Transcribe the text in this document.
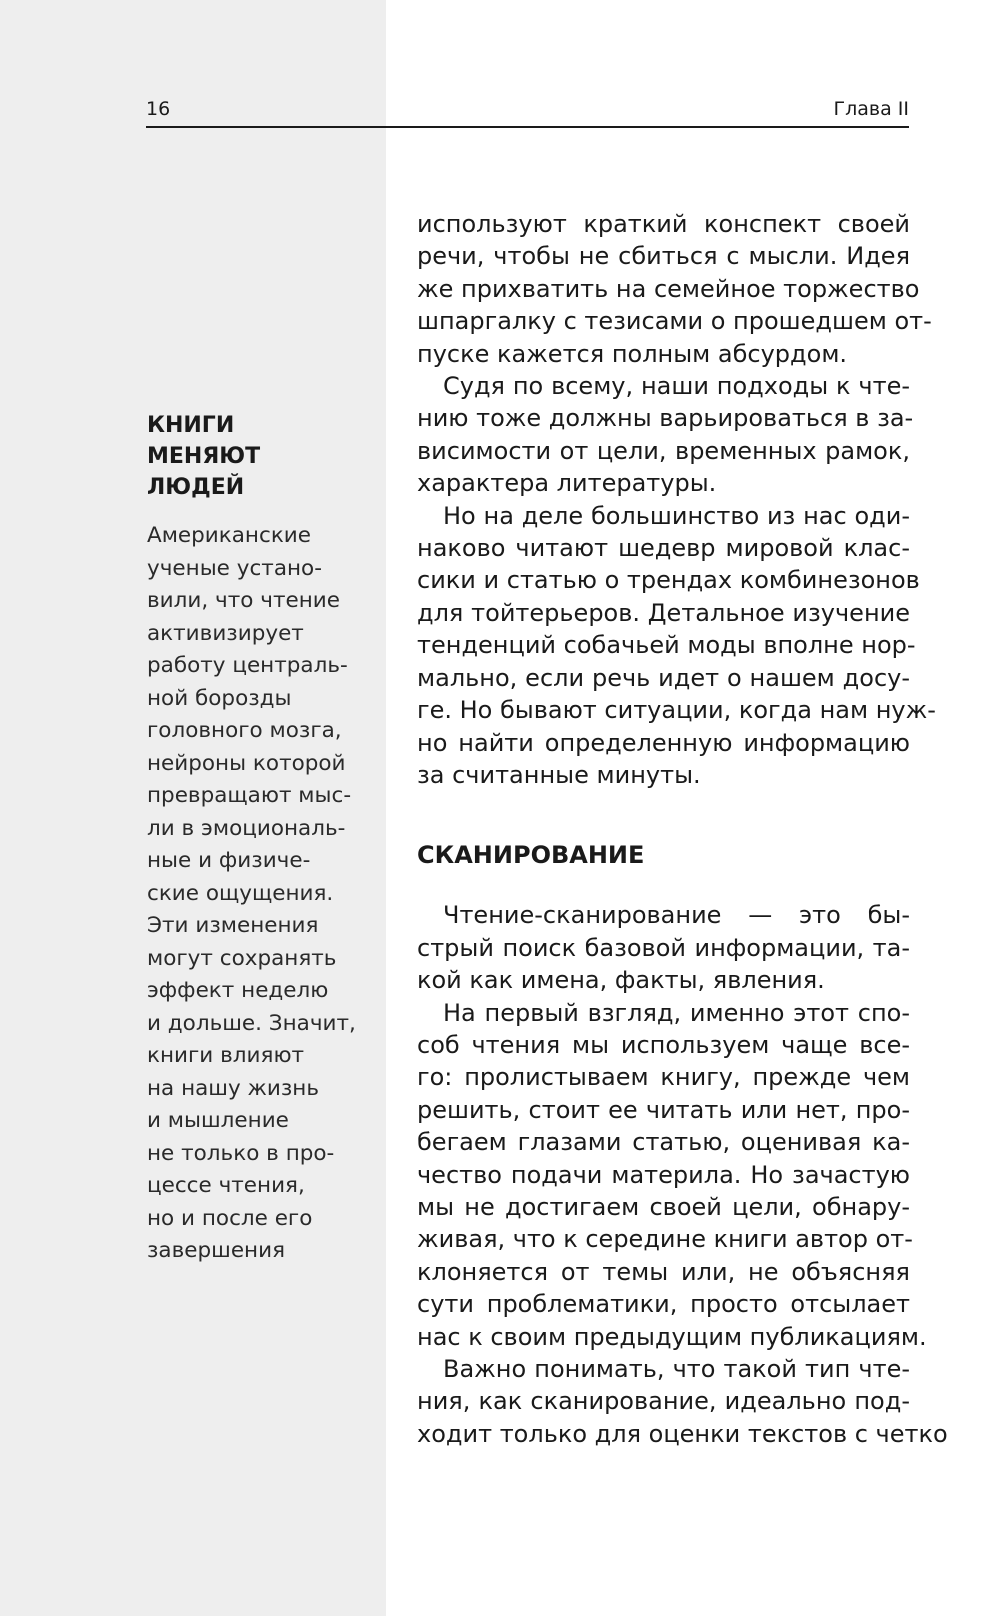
16	Глава II
КНИГИ МЕНЯЮТ ЛЮДЕЙ
Американские
ученые устано-
вили, что чтение
активизирует
работу централь-
ной борозды
головного мозга,
нейроны которой
превращают мыс-
ли в эмоциональ-
ные и физиче-
ские ощущения.
Эти изменения
могут сохранять
эффект неделю
и дольше. Значит,
книги влияют
на нашу жизнь
и мышление
не только в про-
цессе чтения,
но и после его
завершения
используют краткий конспект своей
речи, чтобы не сбиться с мысли. Идея
же прихватить на семейное торжество
шпаргалку с тезисами о прошедшем от-
пуске кажется полным абсурдом.
Судя по всему, наши подходы к чте-
нию тоже должны варьироваться в за-
висимости от цели, временных рамок,
характера литературы.
Но на деле большинство из нас оди-
наково читают шедевр мировой клас-
сики и статью о трендах комбинезонов
для тойтерьеров. Детальное изучение
тенденций собачьей моды вполне нор-
мально, если речь идет о нашем досу-
ге. Но бывают ситуации, когда нам нуж-
но найти определенную информацию
за считанные минуты.
СКАНИРОВАНИЕ
Чтение-сканирование — это бы-
стрый поиск базовой информации, та-
кой как имена, факты, явления.
На первый взгляд, именно этот спо-
соб чтения мы используем чаще все-
го: пролистываем книгу, прежде чем
решить, стоит ее читать или нет, про-
бегаем глазами статью, оценивая ка-
чество подачи материла. Но зачастую
мы не достигаем своей цели, обнару-
живая, что к середине книги автор от-
клоняется от темы или, не объясняя
сути проблематики, просто отсылает
нас к своим предыдущим публикациям.
Важно понимать, что такой тип чте-
ния, как сканирование, идеально под-
ходит только для оценки текстов с четко
